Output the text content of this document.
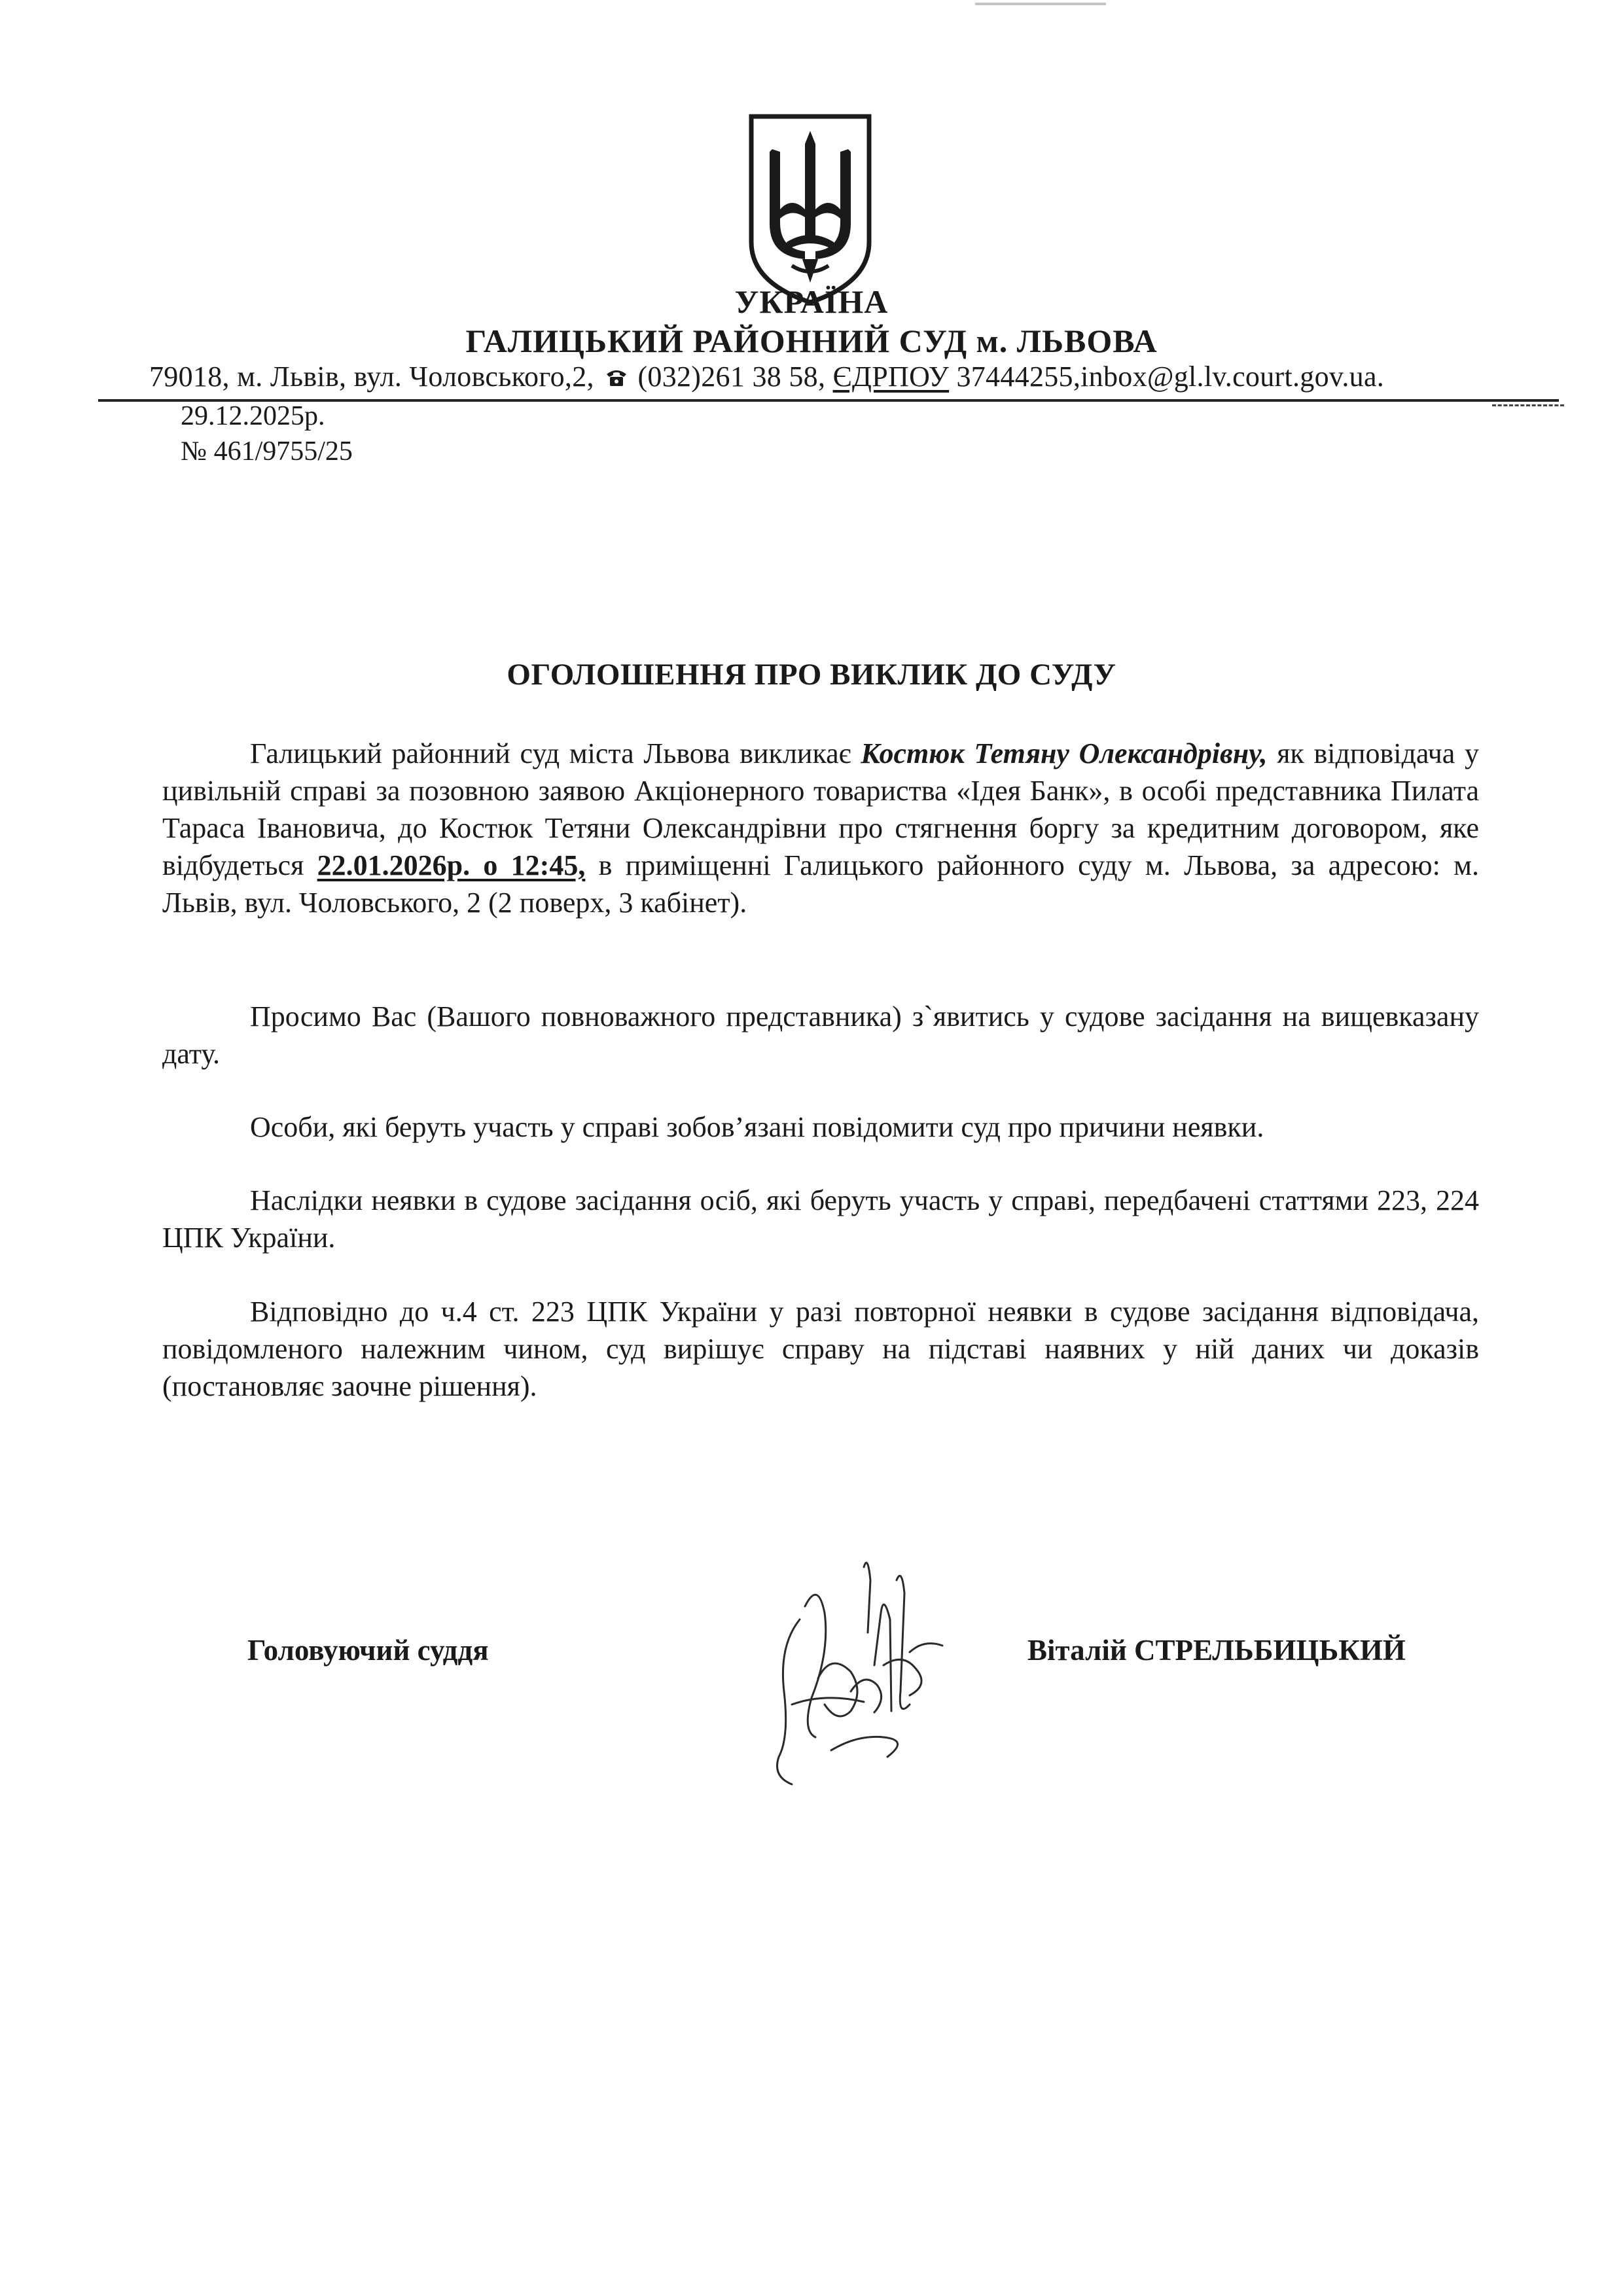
УКРАЇНА
ГАЛИЦЬКИЙ РАЙОННИЙ СУД м. ЛЬВОВА
79018, м. Львів, вул. Чоловського,2, (032)261 38 58, ЄДРПОУ 37444255,inbox@gl.lv.court.gov.ua.
29.12.2025р.
№ 461/9755/25
ОГОЛОШЕННЯ ПРО ВИКЛИК ДО СУДУ
Галицький районний суд міста Львова викликає Костюк Тетяну Олександрівну, як відповідача у цивільній справі за позовною заявою Акціонерного товариства «Ідея Банк», в особі представника Пилата Тараса Івановича, до Костюк Тетяни Олександрівни про стягнення боргу за кредитним договором, яке відбудеться 22.01.2026р. о 12:45, в приміщенні Галицького районного суду м. Львова, за адресою: м. Львів, вул. Чоловського, 2 (2 поверх, 3 кабінет).
Просимо Вас (Вашого повноважного представника) з`явитись у судове засідання на вищевказану дату.
Особи, які беруть участь у справі зобов’язані повідомити суд про причини неявки.
Наслідки неявки в судове засідання осіб, які беруть участь у справі, передбачені статтями 223, 224 ЦПК України.
Відповідно до ч.4 ст. 223 ЦПК України у разі повторної неявки в судове засідання відповідача, повідомленого належним чином, суд вирішує справу на підставі наявних у ній даних чи доказів (постановляє заочне рішення).
Головуючий суддя	Віталій СТРЕЛЬБИЦЬКИЙ
